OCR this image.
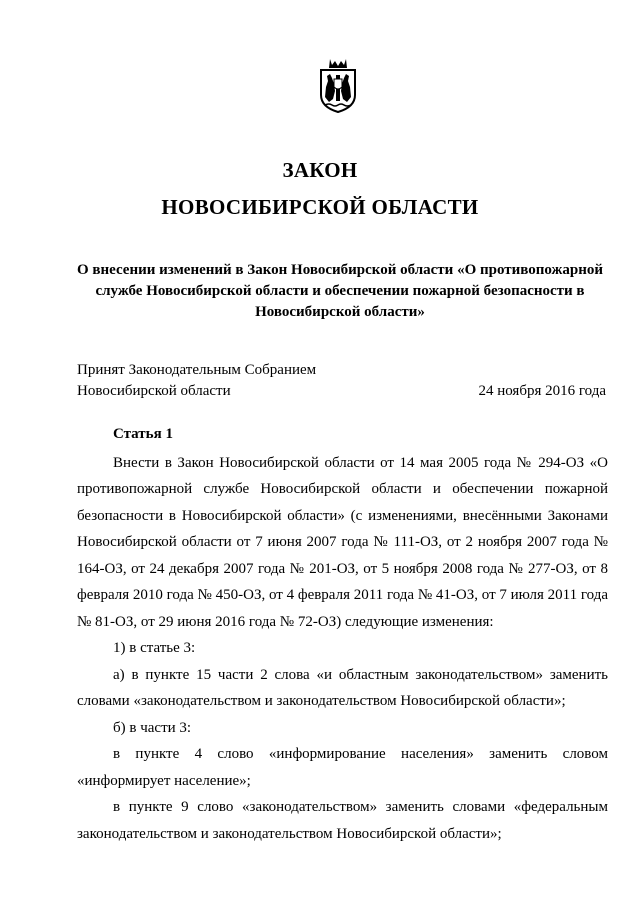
ЗАКОН
НОВОСИБИРСКОЙ ОБЛАСТИ
О внесении изменений в Закон Новосибирской области «О противопожарной службе Новосибирской области и обеспечении пожарной безопасности в Новосибирской области»
Принят Законодательным Собранием
Новосибирской области	24 ноября 2016 года

Статья 1

Внести в Закон Новосибирской области от 14 мая 2005 года № 294-ОЗ «О противопожарной службе Новосибирской области и обеспечении пожарной безопасности в Новосибирской области» (с изменениями, внесёнными Законами Новосибирской области от 7 июня 2007 года № 111-ОЗ, от 2 ноября 2007 года № 164-ОЗ, от 24 декабря 2007 года № 201-ОЗ, от 5 ноября 2008 года № 277-ОЗ, от 8 февраля 2010 года № 450-ОЗ, от 4 февраля 2011 года № 41-ОЗ, от 7 июля 2011 года № 81-ОЗ, от 29 июня 2016 года № 72-ОЗ) следующие изменения:

1) в статье 3:

а) в пункте 15 части 2 слова «и областным законодательством» заменить словами «законодательством и законодательством Новосибирской области»;

б) в части 3:

в пункте 4 слово «информирование населения» заменить словом «информирует население»;

в пункте 9 слово «законодательством» заменить словами «федеральным законодательством и законодательством Новосибирской области»;
